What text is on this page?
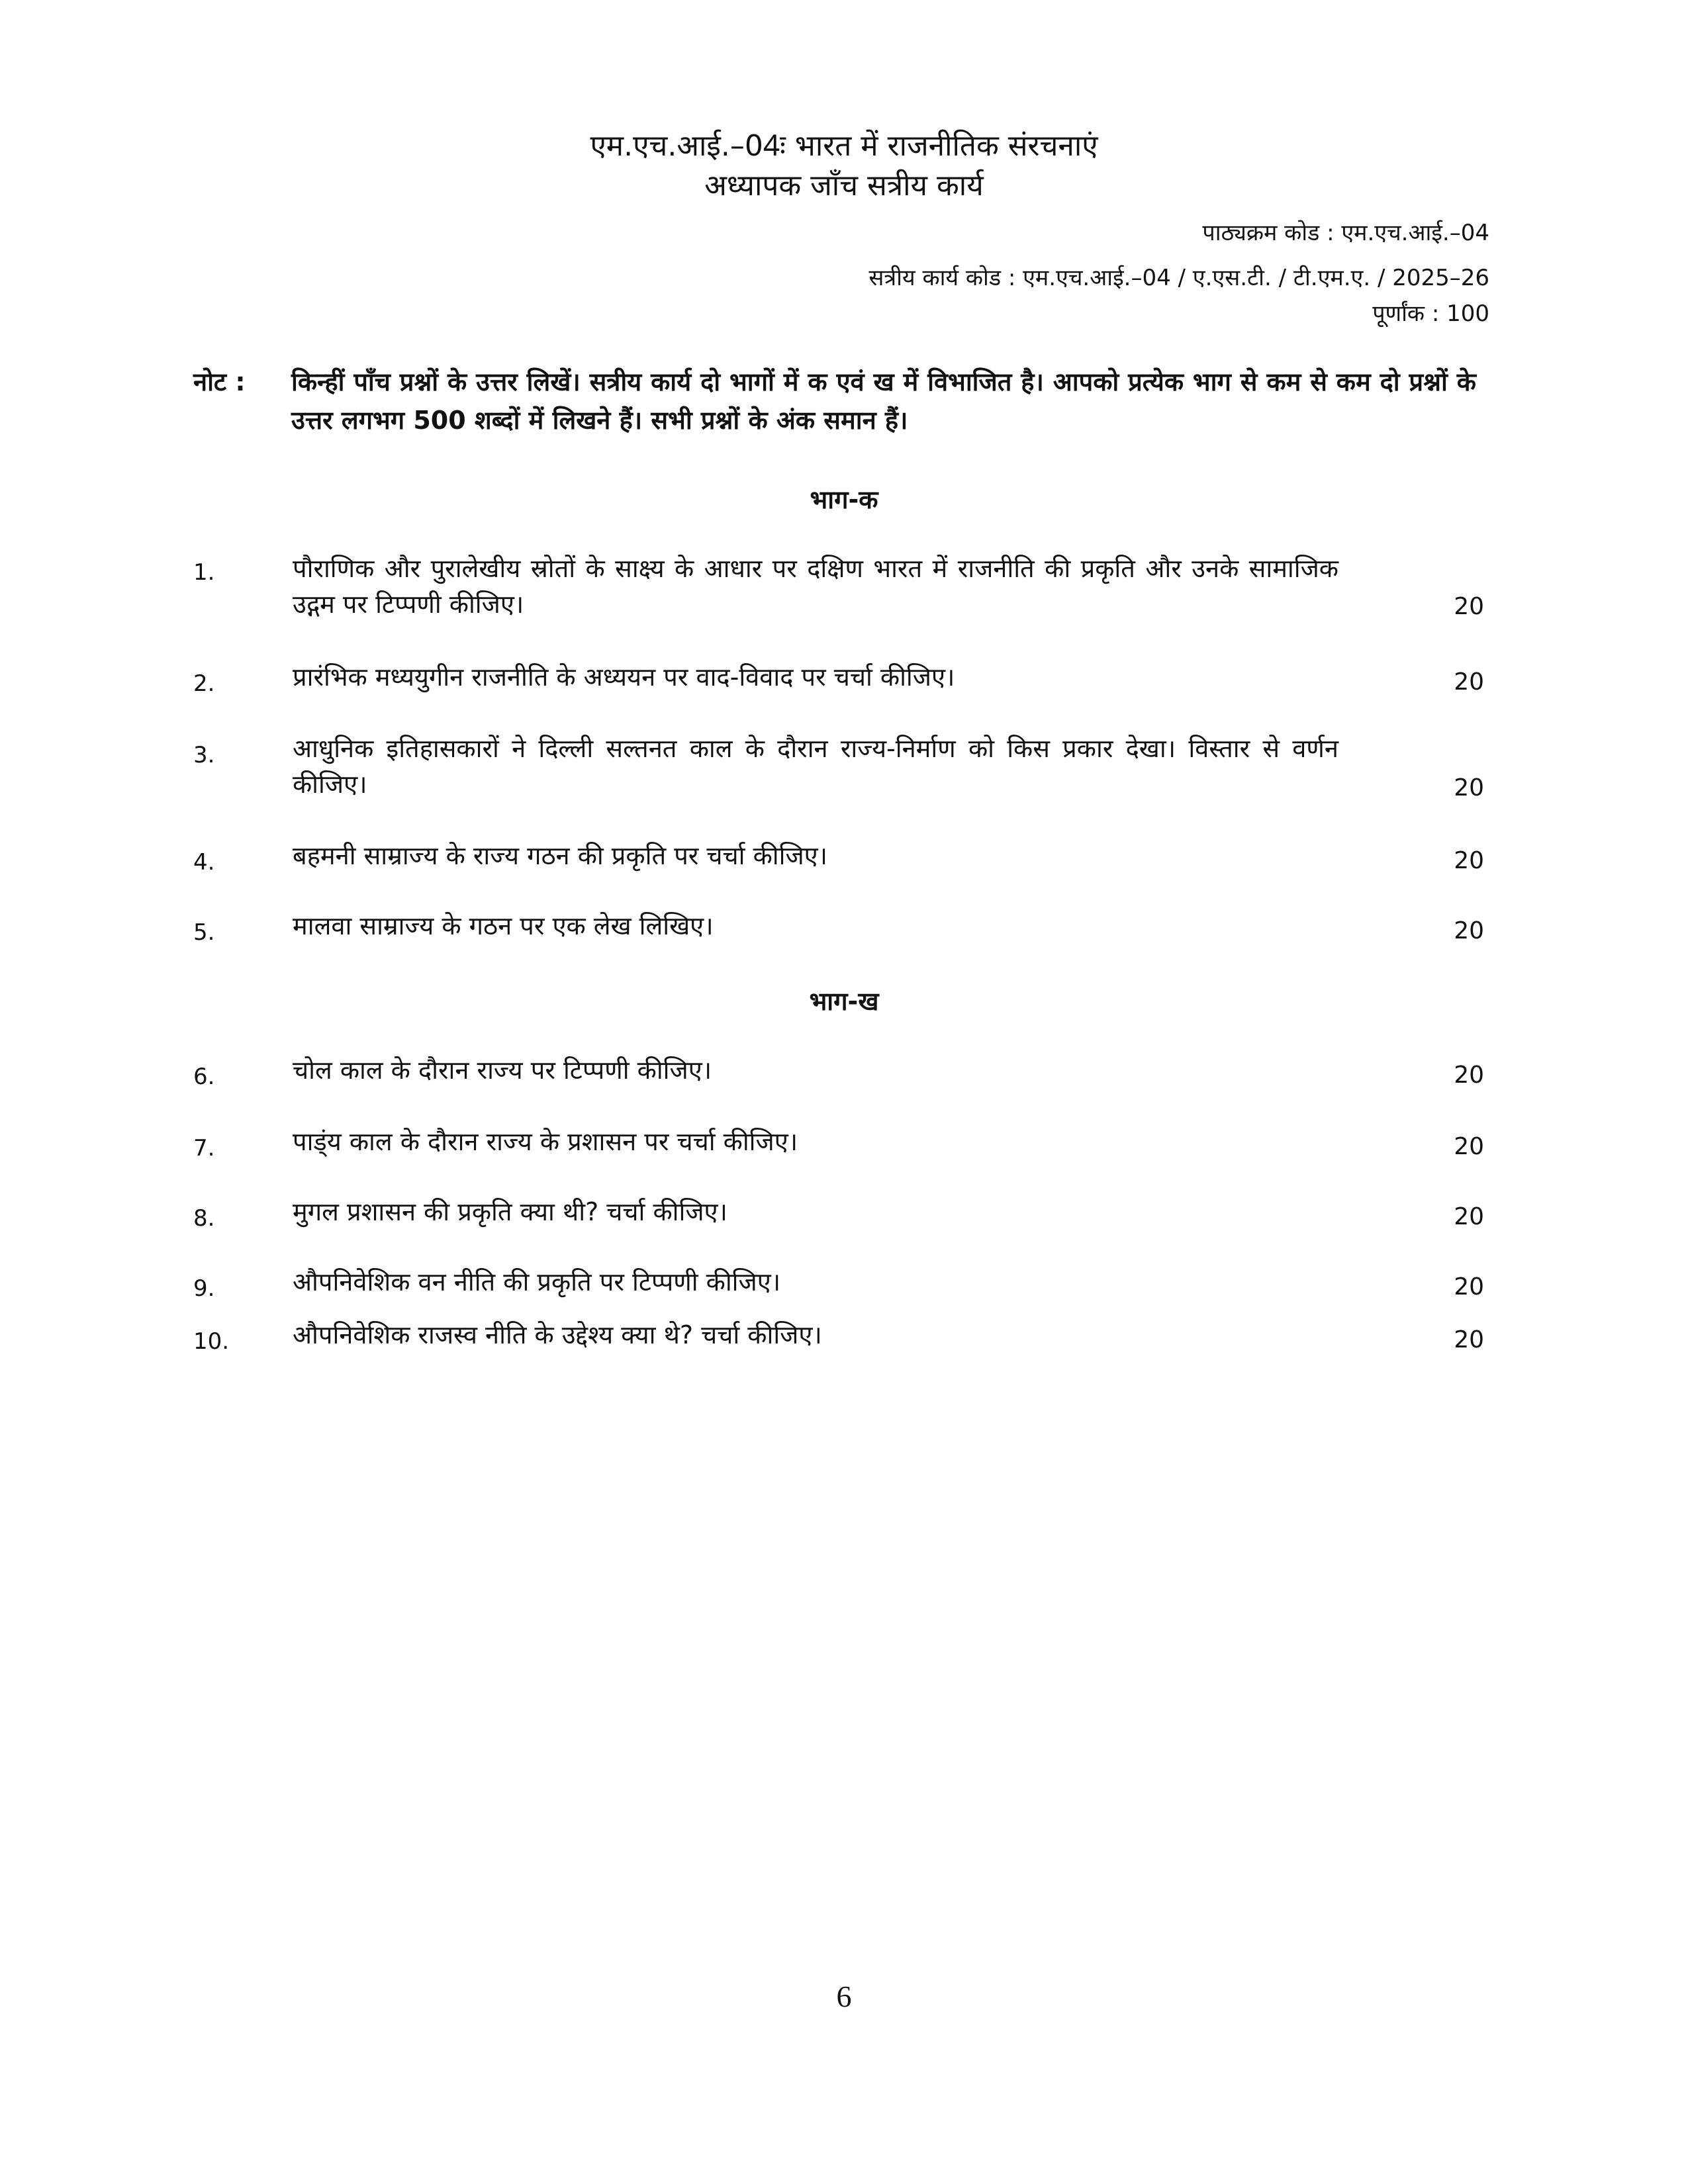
एम.एच.आई.–04ः भारत में राजनीतिक संरचनाएं
अध्यापक जाँच सत्रीय कार्य
पाठ्यक्रम कोड : एम.एच.आई.–04
सत्रीय कार्य कोड : एम.एच.आई.–04 / ए.एस.टी. / टी.एम.ए. / 2025–26
पूर्णांक : 100
नोट : किन्हीं पाँच प्रश्नों के उत्तर लिखें। सत्रीय कार्य दो भागों में क एवं ख में विभाजित है। आपको प्रत्येक भाग से कम से कम दो प्रश्नों के उत्तर लगभग 500 शब्दों में लिखने हैं। सभी प्रश्नों के अंक समान हैं।
भाग-क
1.	पौराणिक और पुरालेखीय स्रोतों के साक्ष्य के आधार पर दक्षिण भारत में राजनीति की प्रकृति और उनके सामाजिक उद्गम पर टिप्पणी कीजिए।	20
2.	प्रारंभिक मध्ययुगीन राजनीति के अध्ययन पर वाद-विवाद पर चर्चा कीजिए।	20
3.	आधुनिक इतिहासकारों ने दिल्ली सल्तनत काल के दौरान राज्य-निर्माण को किस प्रकार देखा। विस्तार से वर्णन कीजिए।	20
4.	बहमनी साम्राज्य के राज्य गठन की प्रकृति पर चर्चा कीजिए।	20
5.	मालवा साम्राज्य के गठन पर एक लेख लिखिए।	20
भाग-ख
6.	चोल काल के दौरान राज्य पर टिप्पणी कीजिए।	20
7.	पाड्ंय काल के दौरान राज्य के प्रशासन पर चर्चा कीजिए।	20
8.	मुगल प्रशासन की प्रकृति क्या थी? चर्चा कीजिए।	20
9.	औपनिवेशिक वन नीति की प्रकृति पर टिप्पणी कीजिए।	20
10.	औपनिवेशिक राजस्व नीति के उद्देश्य क्या थे? चर्चा कीजिए।	20
6
